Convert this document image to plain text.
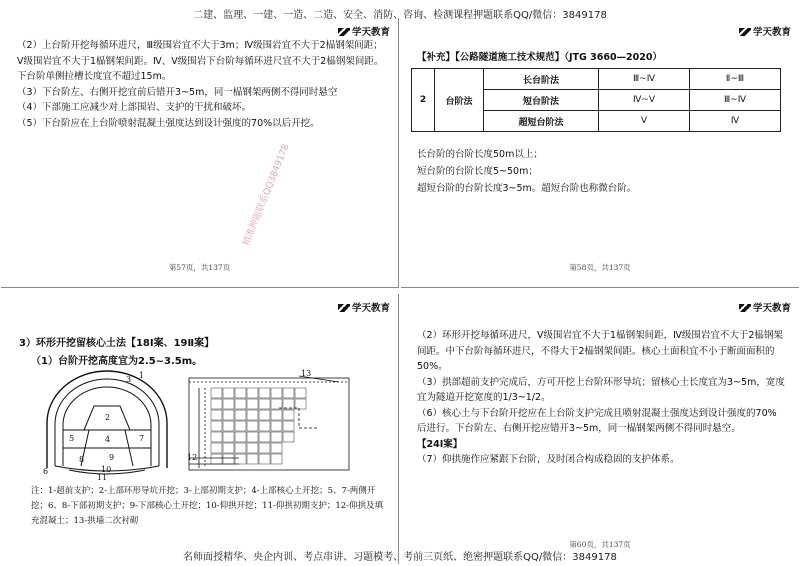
二建、监理、一建、一造、二造、安全、消防、咨询、检测课程押题联系QQ/微信：3849178
学天教育

（2）上台阶开挖每循环进尺，Ⅲ级围岩宜不大于3m；Ⅳ级围岩宜不大于2榀钢架间距；Ⅴ级围岩宜不大于1榀钢架间距。Ⅳ、Ⅴ级围岩下台阶每循环进尺宜不大于2榀钢架间距。下台阶单侧拉槽长度宜不超过15m。

（3）下台阶左、右侧开挖宜前后错开3~5m，同一榀钢架两侧不得同时悬空

（4）下部施工应减少对上部围岩、支护的干扰和破坏。

（5）下台阶应在上台阶喷射混凝土强度达到设计强度的70%以后开挖。

精准押题联系QQ3849178
第57页，共137页
学天教育
【补充】【公路隧道施工技术规范】（JTG 3660—2020）
2	台阶法	长台阶法	Ⅲ~Ⅳ	Ⅱ~Ⅲ
		短台阶法	Ⅳ~Ⅴ	Ⅲ~Ⅳ
		超短台阶法	Ⅴ	Ⅳ

长台阶的台阶长度50m以上；

短台阶的台阶长度5~50m；

超短台阶的台阶长度3~5m。超短台阶也称微台阶。

第58页，共137页
学天教育
3）环形开挖留核心土法【18Ⅰ案、19Ⅱ案】
（1）台阶开挖高度宜为2.5~3.5m。
1
2
3
4
5
6
7
8	9
10
11
12
13
注：1-超前支护；2-上部环形导坑开挖；3-上部初期支护；4-上部核心土开挖；5、7-两侧开挖；6、8-下部初期支护；9-下部核心土开挖；10-仰拱开挖；11-仰拱初期支护；12-仰拱及填充混凝土；13-拱墙二次衬砌
学天教育

（2）环形开挖每循环进尺，Ⅴ级围岩宜不大于1榀钢架间距，Ⅳ级围岩宜不大于2榀钢架间距。中下台阶每循环进尺，不得大于2榀钢架间距。核心土面积宜不小于断面面积的50%。

（3）拱部超前支护完成后，方可开挖上台阶环形导坑；留核心土长度宜为3~5m，宽度宜为隧道开挖宽度的1/3~1/2。

（6）核心土与下台阶开挖应在上台阶支护完成且喷射混凝土强度达到设计强度的70%后进行。下台阶左、右侧开挖应错开3~5m，同一榀钢架两侧不得同时悬空。

【24Ⅰ案】

（7）仰拱施作应紧跟下台阶，及时闭合构成稳固的支护体系。

第60页，共137页
名师面授精华、央企内训、考点串讲、习题模考、考前三页纸、绝密押题联系QQ/微信：3849178
